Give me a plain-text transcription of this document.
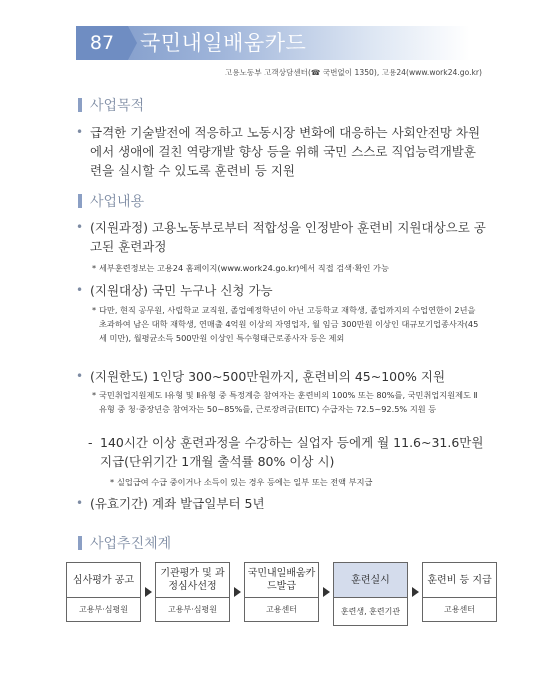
87	국민내일배움카드
고용노동부 고객상담센터(☎ 국번없이 1350), 고용24(www.work24.go.kr)
사업목적
• 급격한 기술발전에 적응하고 노동시장 변화에 대응하는 사회안전망 차원에서 생애에 걸친 역량개발 향상 등을 위해 국민 스스로 직업능력개발훈련을 실시할 수 있도록 훈련비 등 지원
사업내용
• (지원과정) 고용노동부로부터 적합성을 인정받아 훈련비 지원대상으로 공고된 훈련과정
* 세부훈련정보는 고용24 홈페이지(www.work24.go.kr)에서 직접 검색·확인 가능
• (지원대상) 국민 누구나 신청 가능
* 다만, 현직 공무원, 사립학교 교직원, 졸업예정학년이 아닌 고등학교 재학생, 졸업까지의 수업연한이 2년을 초과하여 남은 대학 재학생, 연매출 4억원 이상의 자영업자, 월 임금 300만원 이상인 대규모기업종사자(45세 미만), 월평균소득 500만원 이상인 특수형태근로종사자 등은 제외
• (지원한도) 1인당 300~500만원까지, 훈련비의 45~100% 지원
* 국민취업지원제도 Ⅰ유형 및 Ⅱ유형 중 특정계층 참여자는 훈련비의 100% 또는 80%를, 국민취업지원제도 Ⅱ유형 중 청·중장년층 참여자는 50~85%를, 근로장려금(EITC) 수급자는 72.5~92.5% 지원 등
- 140시간 이상 훈련과정을 수강하는 실업자 등에게 월 11.6~31.6만원 지급(단위기간 1개월 출석률 80% 이상 시)
* 실업급여 수급 중이거나 소득이 있는 경우 등에는 일부 또는 전액 부지급
• (유효기간) 계좌 발급일부터 5년
사업추진체계
심사평가 공고
고용부·심평원
기관평가 및 과정심사선정
고용부·심평원
국민내일배움카드발급
고용센터
훈련실시
훈련생, 훈련기관
훈련비 등 지급
고용센터
